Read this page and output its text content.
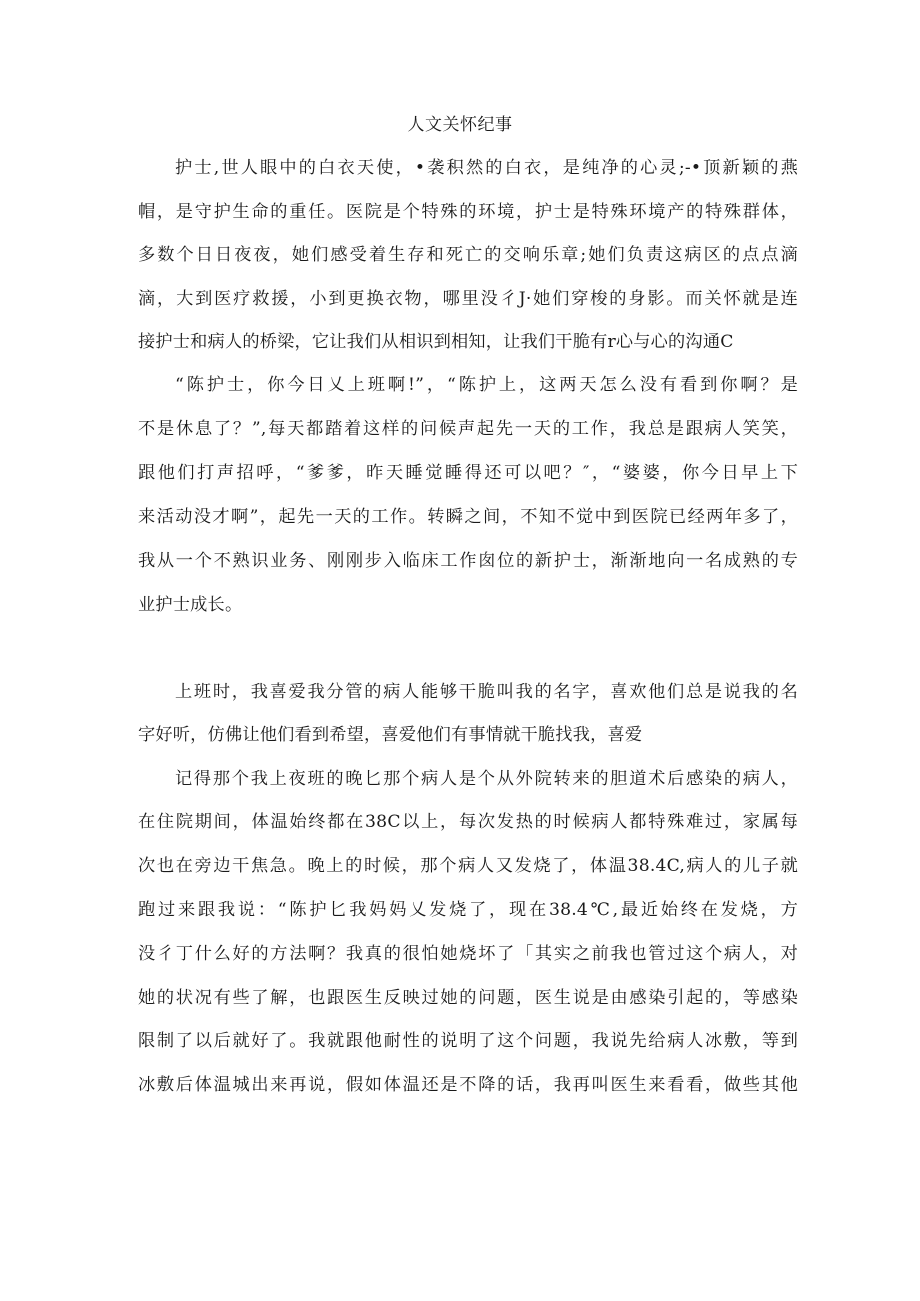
人文关怀纪事
护士,世人眼中的白衣天使，•袭积然的白衣，是纯净的心灵;-•顶新颖的燕
帽，是守护生命的重任。医院是个特殊的环境，护士是特殊环境产的特殊群体，
多数个日日夜夜，她们感受着生存和死亡的交响乐章;她们负责这病区的点点滴
滴，大到医疗救援，小到更换衣物，哪里没彳J·她们穿梭的身影。而关怀就是连
接护士和病人的桥梁，它让我们从相识到相知，让我们干脆有r心与心的沟通C
“陈护士，你今日乂上班啊!”，“陈护上，这两天怎么没有看到你啊？是
不是休息了？”,每天都踏着这样的问候声起先一天的工作，我总是跟病人笑笑，
跟他们打声招呼，“爹爹，昨天睡觉睡得还可以吧？″，“婆婆，你今日早上下
来活动没才啊”，起先一天的工作。转瞬之间，不知不觉中到医院已经两年多了，
我从一个不熟识业务、刚刚步入临床工作囱位的新护士，渐渐地向一名成熟的专
业护士成长。
上班时，我喜爱我分管的病人能够干脆叫我的名字，喜欢他们总是说我的名
字好听，仿佛让他们看到希望，喜爱他们有事情就干脆找我，喜爱
记得那个我上夜班的晚匕那个病人是个从外院转来的胆道术后感染的病人，
在住院期间，体温始终都在38C以上，每次发热的时候病人都特殊难过，家属每
次也在旁边干焦急。晚上的时候，那个病人又发烧了，体温38.4C,病人的儿子就
跑过来跟我说：“陈护匕我妈妈乂发烧了，现在38.4℃,最近始终在发烧，方
没彳丁什么好的方法啊？我真的很怕她烧坏了「其实之前我也管过这个病人，对
她的状况有些了解，也跟医生反映过她的问题，医生说是由感染引起的，等感染
限制了以后就好了。我就跟他耐性的说明了这个问题，我说先给病人冰敷，等到
冰敷后体温城出来再说，假如体温还是不降的话，我再叫医生来看看，做些其他
